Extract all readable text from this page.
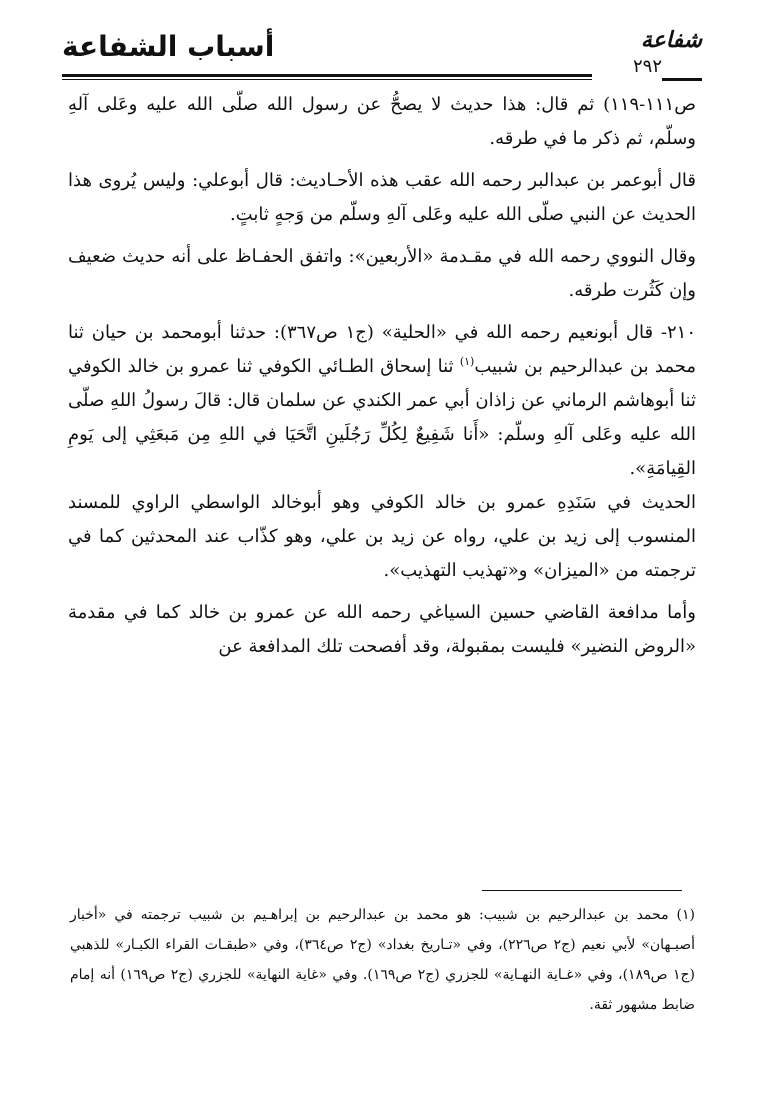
أسباب الشفاعة	شفاعة
٢٩٢

ص١١١-١١٩) ثم قال: هذا حديث لا يصحُّ عن رسول الله صلّى الله عليه وعَلى آلهِ وسلّم، ثم ذكر ما في طرقه.

قال أبوعمر بن عبدالبر رحمه الله عقب هذه الأحـاديث: قال أبوعلي: وليس يُروى هذا الحديث عن النبي صلّى الله عليه وعَلى آلهِ وسلّم من وَجهٍ ثابتٍ.

وقال النووي رحمه الله في مقـدمة «الأربعين»: واتفق الحفـاظ على أنه حديث ضعيف وإن كَثُرت طرقه.

٢١٠- قال أبونعيم رحمه الله في «الحلية» (ج١ ص٣٦٧): حدثنا أبومحمد بن حيان ثنا محمد بن عبدالرحيم بن شبيب$^{(١)}$ ثنا إسحاق الطـائي الكوفي ثنا عمرو بن خالد الكوفي ثنا أبوهاشم الرماني عن زاذان أبي عمر الكندي عن سلمان قال: قالَ رسولُ اللهِ صلّى الله عليه وعَلى آلهِ وسلّم: «أَنا شَفِيعٌ لِكُلِّ رَجُلَينِ اتَّحَيَا في اللهِ مِن مَبعَثِي إلى يَومِ القِيامَةِ».

الحديث في سَنَدِهِ عمرو بن خالد الكوفي وهو أبوخالد الواسطي الراوي للمسند المنسوب إلى زيد بن علي، رواه عن زيد بن علي، وهو كذّاب عند المحدثين كما في ترجمته من «الميزان» و«تهذيب التهذيب».

وأما مدافعة القاضي حسين السياغي رحمه الله عن عمرو بن خالد كما في مقدمة «الروض النضير» فليست بمقبولة، وقد أفصحت تلك المدافعة عن

(١) محمد بن عبدالرحيم بن شبيب: هو محمد بن عبدالرحيم بن إبراهـيم بن شبيب ترجمته في «أخبار أصبـهان» لأبي نعيم (ج٢ ص٢٢٦)، وفي «تـاريخ بغداد» (ج٢ ص٣٦٤)، وفي «طبقـات القراء الكبـار» للذهبي (ج١ ص١٨٩)، وفي «غـاية النهـاية» للجزري (ج٢ ص١٦٩). وفي «غاية النهاية» للجزري (ج٢ ص١٦٩) أنه إمام ضابط مشهور ثقة.
